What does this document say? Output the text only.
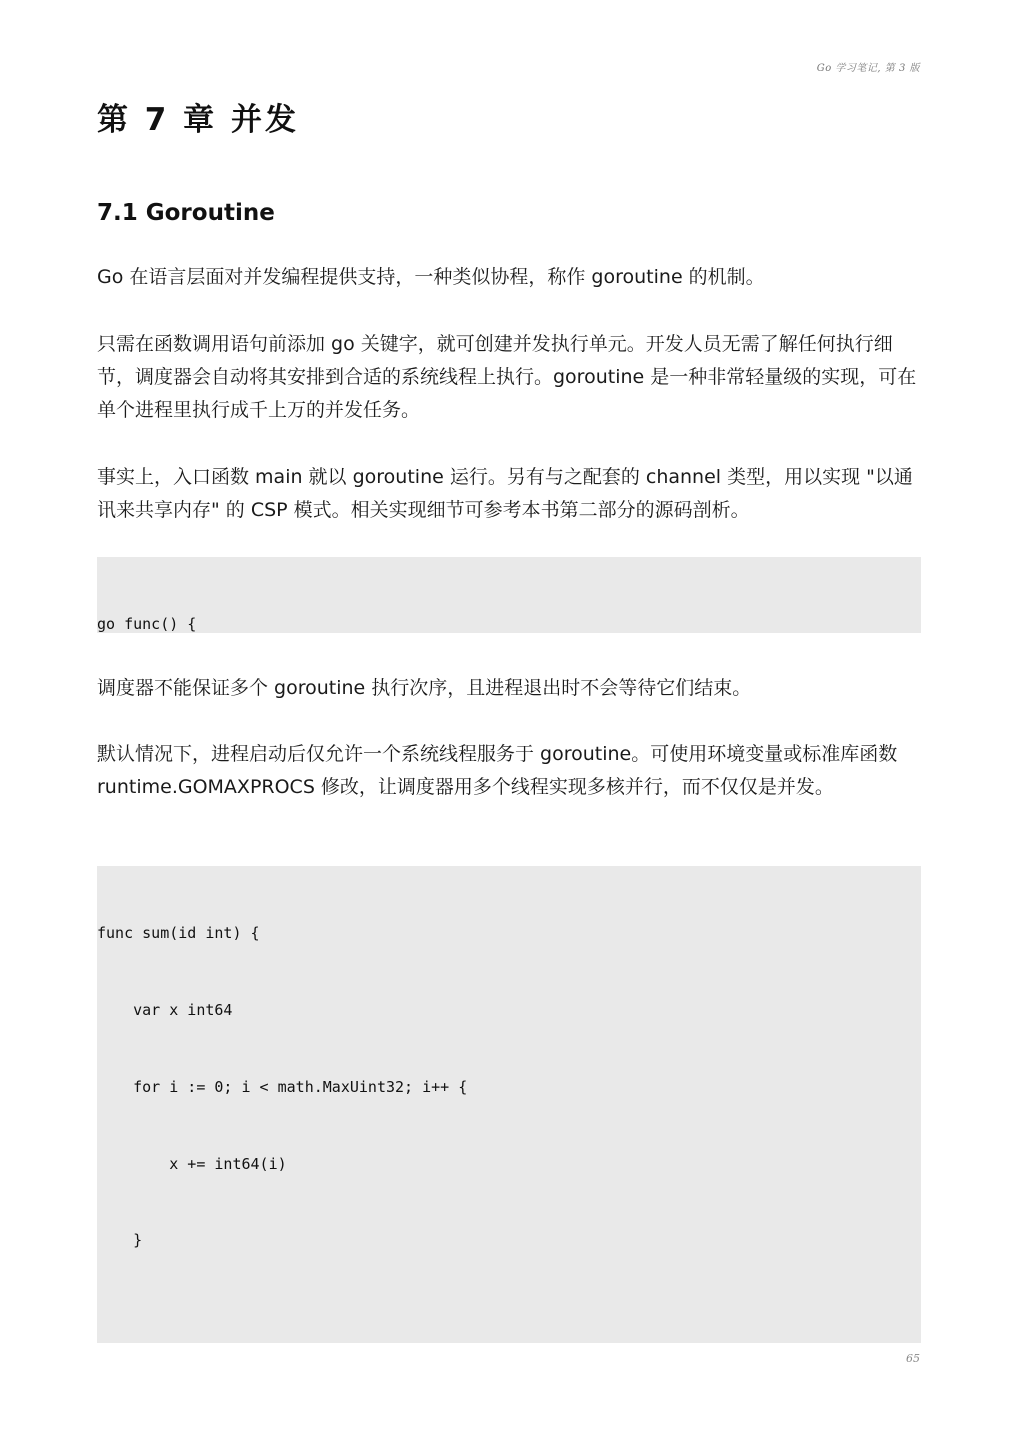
Go 学习笔记, 第 3 版
第 7 章 并发
7.1 Goroutine

Go 在语言层面对并发编程提供支持，一种类似协程，称作 goroutine 的机制。

只需在函数调用语句前添加 go 关键字，就可创建并发执行单元。开发人员无需了解任何执行细节，调度器会自动将其安排到合适的系统线程上执行。goroutine 是一种非常轻量级的实现，可在单个进程里执行成千上万的并发任务。

事实上，入口函数 main 就以 goroutine 运行。另有与之配套的 channel 类型，用以实现 "以通讯来共享内存" 的 CSP 模式。相关实现细节可参考本书第二部分的源码剖析。

go func() {

调度器不能保证多个 goroutine 执行次序，且进程退出时不会等待它们结束。

默认情况下，进程启动后仅允许一个系统线程服务于 goroutine。可使用环境变量或标准库函数 runtime.GOMAXPROCS 修改，让调度器用多个线程实现多核并行，而不仅仅是并发。

func sum(id int) {

var x int64

for i := 0; i < math.MaxUint32; i++ {

x += int64(i)

}

65
